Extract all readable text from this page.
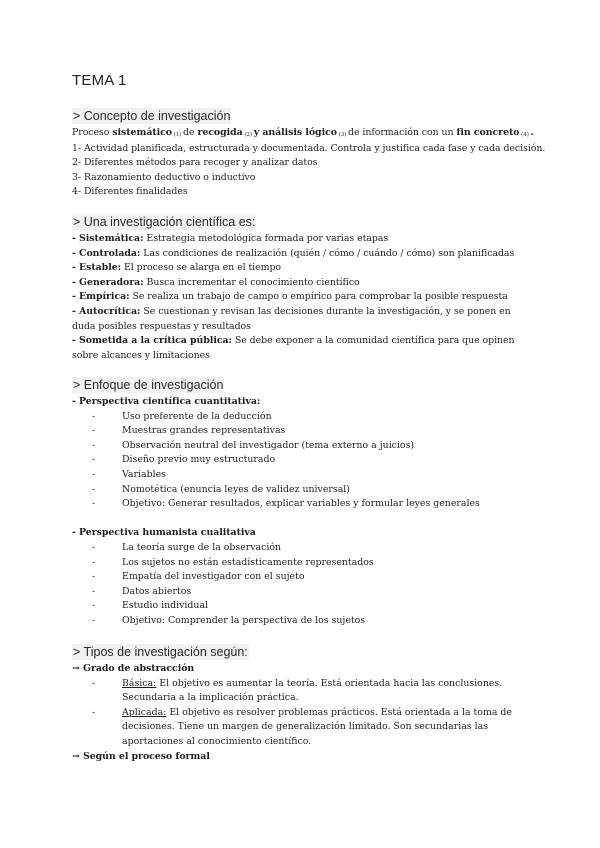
TEMA 1
> Concepto de investigación

Proceso sistemático (1) de recogida (2) y análisis lógico (3) de información con un fin concreto (4) .

1- Actividad planificada, estructurada y documentada. Controla y justifica cada fase y cada decisión.

2- Diferentes métodos para recoger y analizar datos

3- Razonamiento deductivo o inductivo

4- Diferentes finalidades

> Una investigación científica es:

- Sistemática: Estrategia metodológica formada por varias etapas

- Controlada: Las condiciones de realización (quién / cómo / cuándo / cómo) son planificadas

- Estable: El proceso se alarga en el tiempo

- Generadora: Busca incrementar el conocimiento científico

- Empírica: Se realiza un trabajo de campo o empírico para comprobar la posible respuesta

- Autocrítica: Se cuestionan y revisan las decisiones durante la investigación, y se ponen en duda posibles respuestas y resultados

- Sometida a la crítica pública: Se debe exponer a la comunidad científica para que opinen sobre alcances y limitaciones

> Enfoque de investigación

- Perspectiva científica cuantitativa:

- Uso preferente de la deducción
- Muestras grandes representativas
- Observación neutral del investigador (tema externo a juicios)
- Diseño previo muy estructurado
- Variables
- Nomotética (enuncia leyes de validez universal)
- Objetivo: Generar resultados, explicar variables y formular leyes generales

- Perspectiva humanista cualitativa

- La teoría surge de la observación
- Los sujetos no están estadísticamente representados
- Empatía del investigador con el sujeto
- Datos abiertos
- Estudio individual
- Objetivo: Comprender la perspectiva de los sujetos
> Tipos de investigación según:

→ Grado de abstracción

- Básica: El objetivo es aumentar la teoría. Está orientada hacia las conclusiones. Secundaria a la implicación práctica.
- Aplicada: El objetivo es resolver problemas prácticos. Está orientada a la toma de decisiones. Tiene un margen de generalización limitado. Son secundarias las aportaciones al conocimiento científico.

→ Según el proceso formal
